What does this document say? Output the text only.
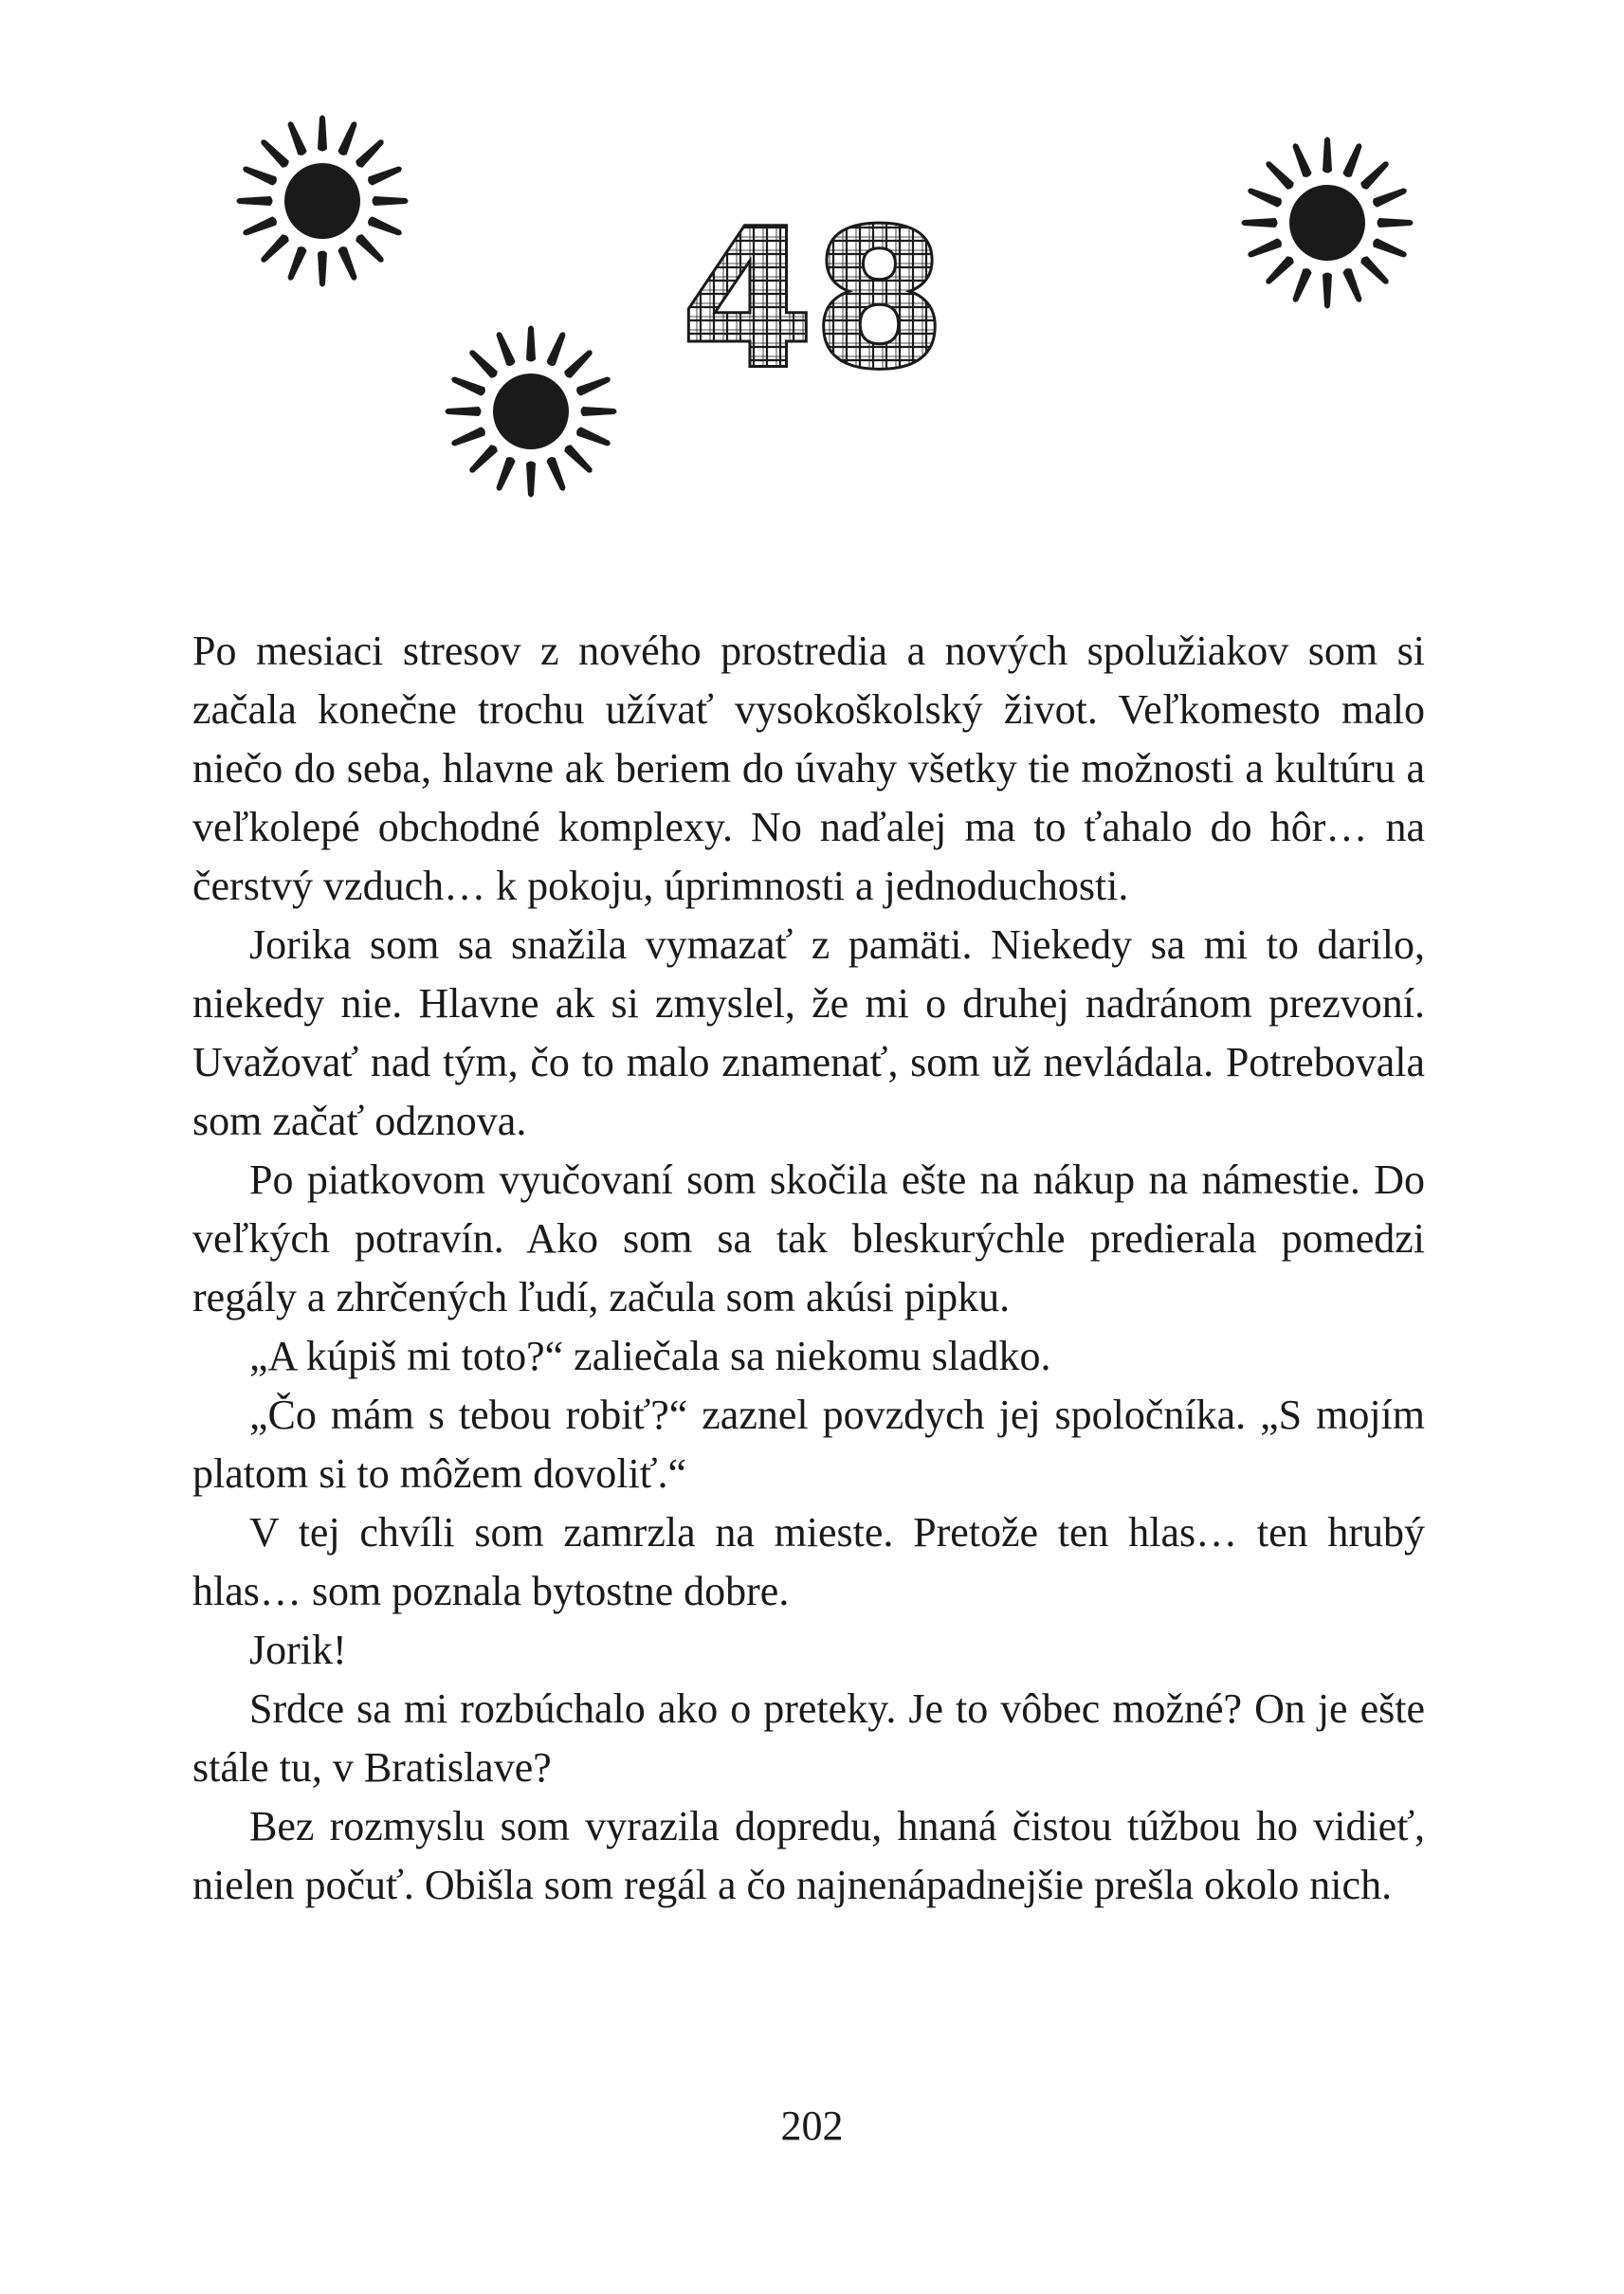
48

Po mesiaci stresov z nového prostredia a nových spolužiakov som si začala konečne trochu užívať vysokoškolský život. Veľkomesto malo niečo do seba, hlavne ak beriem do úvahy všetky tie možnosti a kultúru a veľkolepé obchodné komplexy. No naďalej ma to ťahalo do hôr… na čerstvý vzduch… k pokoju, úprimnosti a jednoduchosti.

Jorika som sa snažila vymazať z pamäti. Niekedy sa mi to darilo, niekedy nie. Hlavne ak si zmyslel, že mi o druhej nadránom prezvoní. Uvažovať nad tým, čo to malo znamenať, som už nevládala. Potrebovala som začať odznova.

Po piatkovom vyučovaní som skočila ešte na nákup na námestie. Do veľkých potravín. Ako som sa tak bleskurýchle predierala pomedzi regály a zhrčených ľudí, začula som akúsi pipku.

„A kúpiš mi toto?“ zaliečala sa niekomu sladko.

„Čo mám s tebou robiť?“ zaznel povzdych jej spoločníka. „S mojím platom si to môžem dovoliť.“

V tej chvíli som zamrzla na mieste. Pretože ten hlas… ten hrubý hlas… som poznala bytostne dobre.

Jorik!

Srdce sa mi rozbúchalo ako o preteky. Je to vôbec možné? On je ešte stále tu, v Bratislave?

Bez rozmyslu som vyrazila dopredu, hnaná čistou túžbou ho vidieť, nielen počuť. Obišla som regál a čo najnenápadnejšie prešla okolo nich.

202
